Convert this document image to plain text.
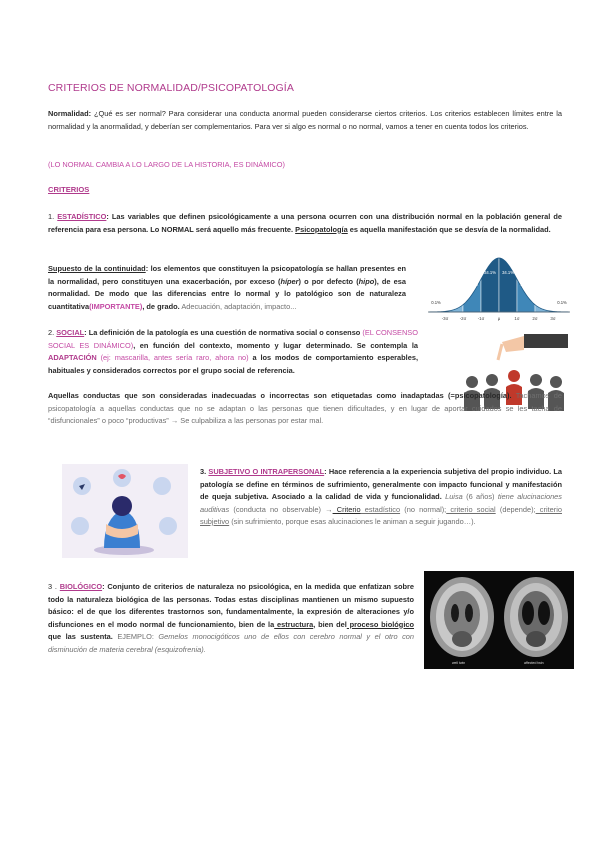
CRITERIOS DE NORMALIDAD/PSICOPATOLOGÍA
Normalidad: ¿Qué es ser normal? Para considerar una conducta anormal pueden considerarse ciertos criterios. Los criterios establecen límites entre la normalidad y la anormalidad, y deberían ser complementarios. Para ver si algo es normal o no normal, vamos a tener en cuenta todos los criterios.
(LO NORMAL CAMBIA A LO LARGO DE LA HISTORIA, ES DINÁMICO)
CRITERIOS
1. ESTADÍSTICO: Las variables que definen psicológicamente a una persona ocurren con una distribución normal en la población general de referencia para esa persona. Lo NORMAL será aquello más frecuente. Psicopatología es aquella manifestación que se desvía de la normalidad.
Supuesto de la continuidad: los elementos que constituyen la psicopatología se hallan presentes en la normalidad, pero constituyen una exacerbación, por exceso (híper) o por defecto (hipo), de esa normalidad. De modo que las diferencias entre lo normal y lo patológico son de naturaleza cuantitativa(IMPORTANTE), de grado. Adecuación, adaptación, impacto...	0.1%
2.1%
13.6%
34.1% 34.1%
13.6%
2.1%
0.1%
-3σ	-2σ	-1σ	μ	1σ	2σ	3σ
2. SOCIAL: La definición de la patología es una cuestión de normativa social o consenso (EL CONSENSO SOCIAL ES DINÁMICO), en función del contexto, momento y lugar determinado. Se contempla la ADAPTACIÓN (ej: mascarilla, antes sería raro, ahora no) a los modos de comportamiento esperables, habituales y considerados correctos por el grupo social de referencia.
Aquellas conductas que son consideradas inadecuadas o incorrectas son etiquetadas como inadaptadas (=psicopatología). Tachamos de psicopatología a aquellas conductas que no se adaptan o las personas que tienen dificultades, y en lugar de aportar cuidados se les tacha de “disfuncionales” o poco “productivas” → Se culpabiliza a las personas por estar mal.
3. SUBJETIVO O INTRAPERSONAL: Hace referencia a la experiencia subjetiva del propio individuo. La patología se define en términos de sufrimiento, generalmente con impacto funcional y manifestación de queja subjetiva. Asociado a la calidad de vida y funcionalidad. Luisa (6 años) tiene alucinaciones auditivas (conducta no observable) → Criterio estadístico (no normal); criterio social (depende); criterio subjetivo (sin sufrimiento, porque esas alucinaciones le animan a seguir jugando…).
3 . BIOLÓGICO: Conjunto de criterios de naturaleza no psicológica, en la medida que enfatizan sobre todo la naturaleza biológica de las personas. Todas estas disciplinas mantienen un mismo supuesto básico: el de que los diferentes trastornos son, fundamentalmente, la expresión de alteraciones y/o disfunciones en el modo normal de funcionamiento, bien de la estructura, bien del proceso biológico que las sustenta. EJEMPLO: Gemelos monocigóticos uno de ellos con cerebro normal y el otro con disminución de materia cerebral (esquizofrenia).
well twin	affected twin
